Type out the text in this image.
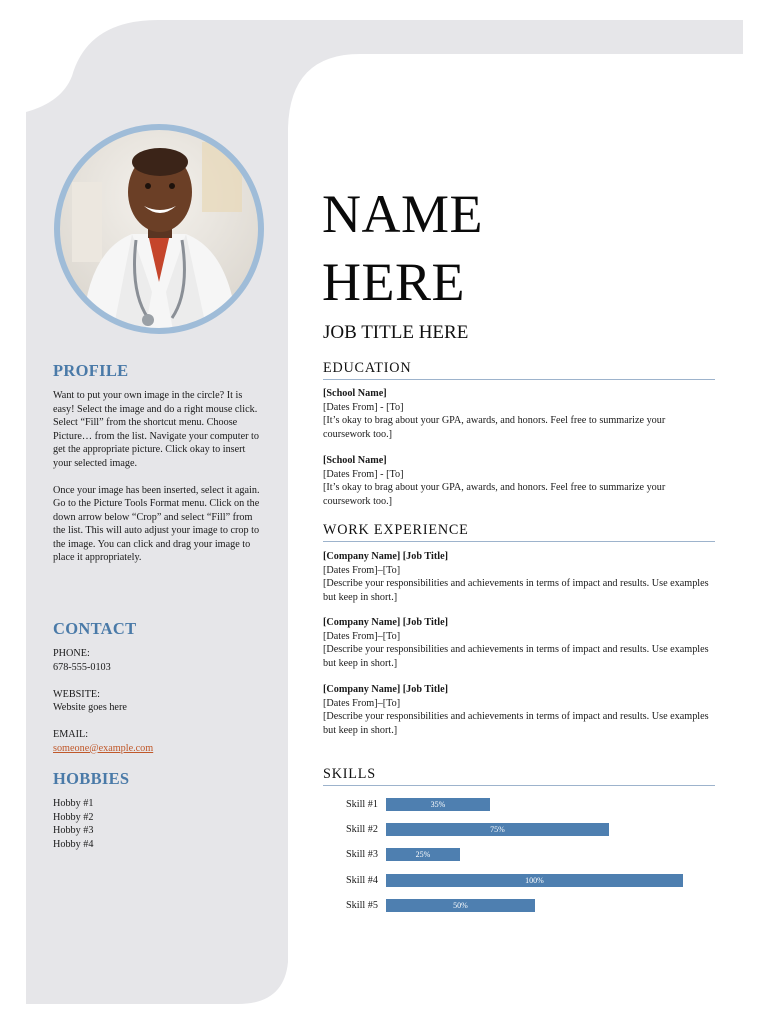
PROFILE

Want to put your own image in the circle? It is easy! Select the image and do a right mouse click. Select “Fill” from the shortcut menu. Choose Picture… from the list. Navigate your computer to get the appropriate picture. Click okay to insert your selected image.

Once your image has been inserted, select it again. Go to the Picture Tools Format menu. Click on the down arrow below “Crop” and select “Fill” from the list. This will auto adjust your image to crop to the image. You can click and drag your image to place it appropriately.

CONTACT

PHONE:

678-555-0103

WEBSITE:

Website goes here

EMAIL:

someone@example.com

HOBBIES

Hobby #1

Hobby #2

Hobby #3

Hobby #4

NAME
HERE
JOB TITLE HERE
EDUCATION
[School Name]
[Dates From] - [To]
[It’s okay to brag about your GPA, awards, and honors. Feel free to summarize your coursework too.]
[School Name]
[Dates From] - [To]
[It’s okay to brag about your GPA, awards, and honors. Feel free to summarize your coursework too.]
WORK EXPERIENCE
[Company Name] [Job Title]
[Dates From]–[To]
[Describe your responsibilities and achievements in terms of impact and results. Use examples but keep in short.]
[Company Name] [Job Title]
[Dates From]–[To]
[Describe your responsibilities and achievements in terms of impact and results. Use examples but keep in short.]
[Company Name] [Job Title]
[Dates From]–[To]
[Describe your responsibilities and achievements in terms of impact and results. Use examples but keep in short.]
SKILLS
Skill #1	35%
Skill #2	75%
Skill #3	25%
Skill #4	100%
Skill #5	50%
